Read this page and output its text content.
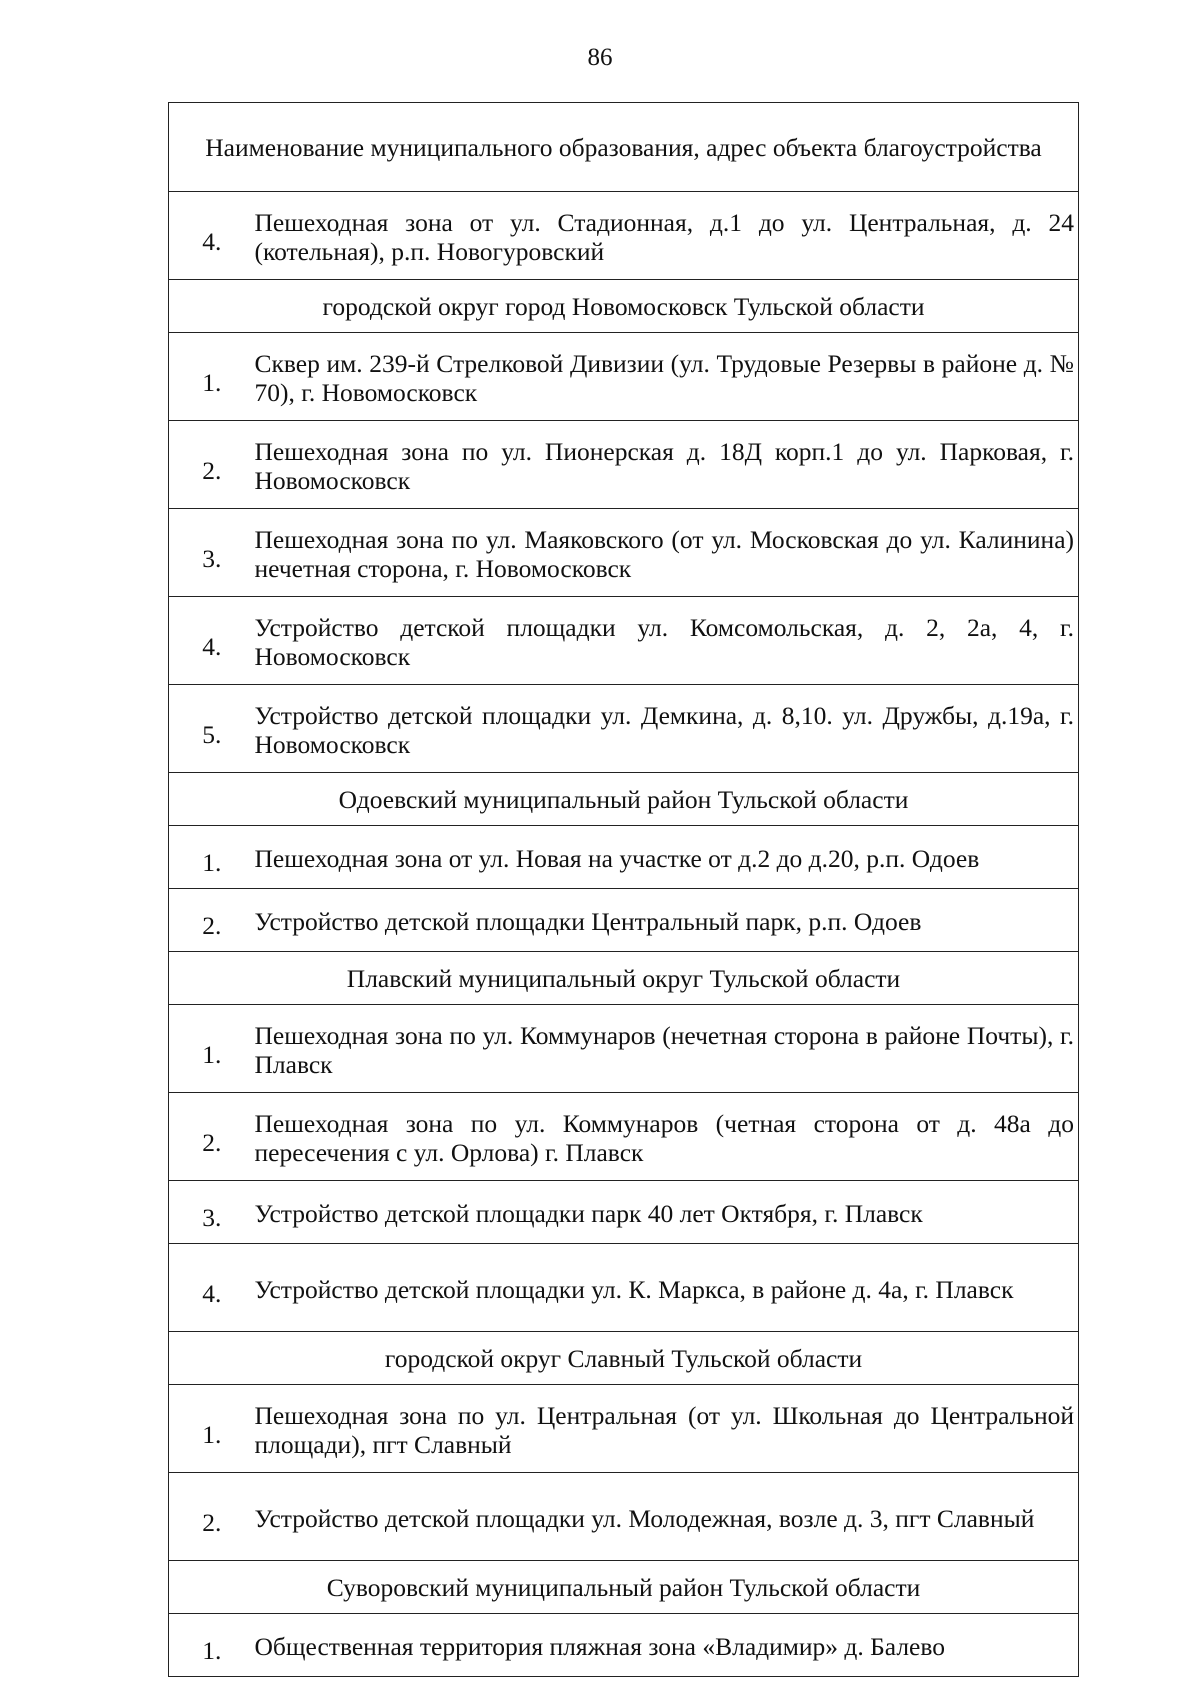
86
Наименование муниципального образования, адрес объекта благоустройства	
4.	Пешеходная зона от ул. Стадионная, д.1 до ул. Центральная, д. 24 (котельная), р.п. Новогуровский
городской округ город Новомосковск Тульской области	
1.	Сквер им. 239-й Стрелковой Дивизии (ул. Трудовые Резервы в районе д. № 70), г. Новомосковск
2.	Пешеходная зона по ул. Пионерская д. 18Д корп.1 до ул. Парковая, г. Новомосковск
3.	Пешеходная зона по ул. Маяковского (от ул. Московская до ул. Калинина) нечетная сторона, г. Новомосковск
4.	Устройство детской площадки ул. Комсомольская, д. 2, 2а, 4, г. Новомосковск
5.	Устройство детской площадки ул. Демкина, д. 8,10. ул. Дружбы, д.19а, г. Новомосковск
Одоевский муниципальный район Тульской области	
1.	Пешеходная зона от ул. Новая на участке от д.2 до д.20, р.п. Одоев
2.	Устройство детской площадки Центральный парк, р.п. Одоев
Плавский муниципальный округ Тульской области	
1.	Пешеходная зона по ул. Коммунаров (нечетная сторона в районе Почты), г. Плавск
2.	Пешеходная зона по ул. Коммунаров (четная сторона от д. 48а до пересечения с ул. Орлова) г. Плавск
3.	Устройство детской площадки парк 40 лет Октября, г. Плавск
4.	Устройство детской площадки ул. К. Маркса, в районе д. 4а, г. Плавск
городской округ Славный Тульской области	
1.	Пешеходная зона по ул. Центральная (от ул. Школьная до Центральной площади), пгт Славный
2.	Устройство детской площадки ул. Молодежная, возле д. 3, пгт Славный
Суворовский муниципальный район Тульской области	
1.	Общественная территория пляжная зона «Владимир» д. Балево
